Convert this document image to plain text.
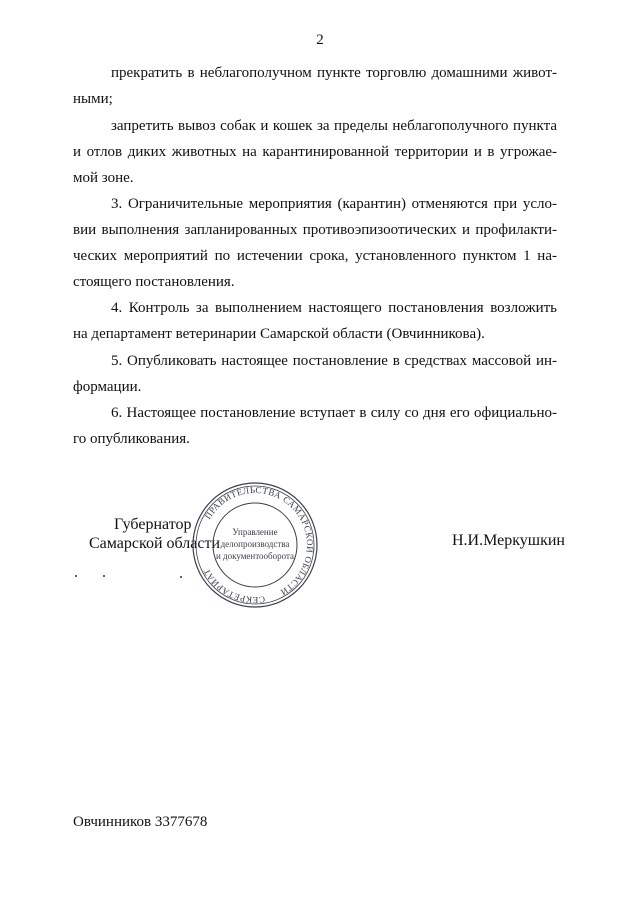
2
прекратить в неблагополучном пункте торговлю домашними живот-
ными;
запретить вывоз собак и кошек за пределы неблагополучного пункта
и отлов диких животных на карантинированной территории и в угрожае-
мой зоне.
3. Ограничительные мероприятия (карантин) отменяются при усло-
вии выполнения запланированных противоэпизоотических и профилакти-
ческих мероприятий по истечении срока, установленного пунктом 1 на-
стоящего постановления.
4. Контроль за выполнением настоящего постановления возложить
на департамент ветеринарии Самарской области (Овчинникова).
5. Опубликовать настоящее постановление в средствах массовой ин-
формации.
6. Настоящее постановление вступает в силу со дня его официально-
го опубликования.
Губернатор
Самарской области	Н.И.Меркушкин
ПРАВИТЕЛЬСТВА САМАРСКОЙ ОБЛАСТИ
СЕКРЕТАРИАТ
Управление
делопроизводства
и документооборота
Овчинников 3377678
